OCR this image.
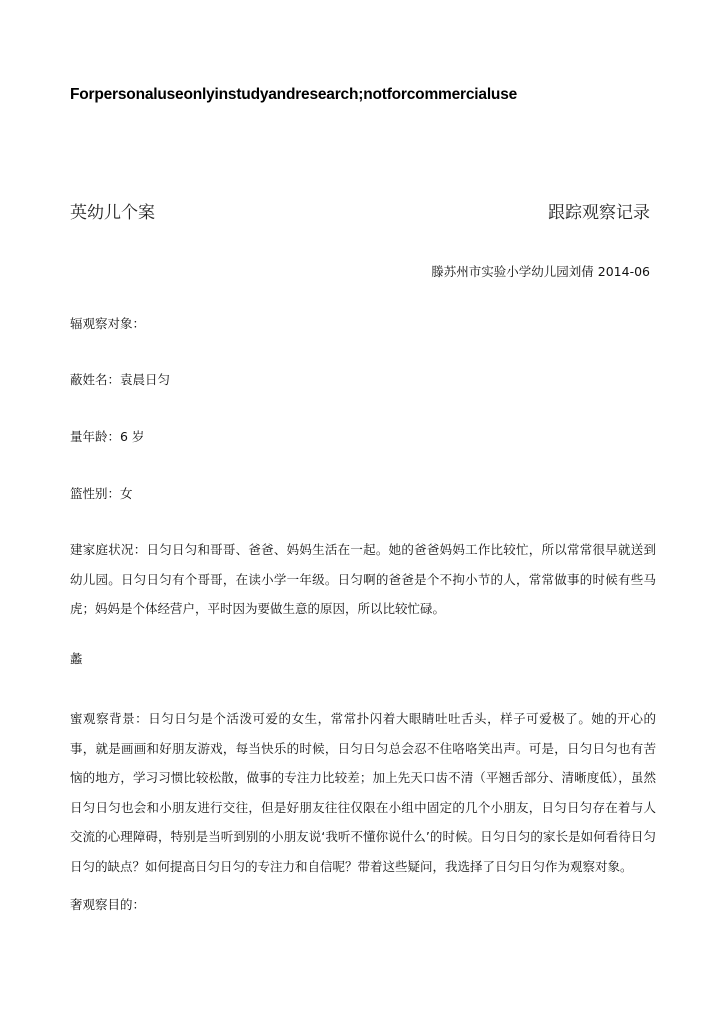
Forpersonaluseonlyinstudyandresearch;notforcommercialuse
英幼儿个案	跟踪观察记录
滕苏州市实验小学幼儿园刘倩 2014-06
辐观察对象：
蔽姓名：袁晨日匀
量年龄：6 岁
篮性别：女
建家庭状况：日匀日匀和哥哥、爸爸、妈妈生活在一起。她的爸爸妈妈工作比较忙，所以常常很早就送到幼儿园。日匀日匀有个哥哥，在读小学一年级。日匀啊的爸爸是个不拘小节的人，常常做事的时候有些马虎；妈妈是个体经营户，平时因为要做生意的原因，所以比较忙碌。
蠡
蜜观察背景：日匀日匀是个活泼可爱的女生，常常扑闪着大眼睛吐吐舌头，样子可爱极了。她的开心的事，就是画画和好朋友游戏，每当快乐的时候，日匀日匀总会忍不住咯咯笑出声。可是，日匀日匀也有苦恼的地方，学习习惯比较松散，做事的专注力比较差；加上先天口齿不清（平翘舌部分、清晰度低），虽然日匀日匀也会和小朋友进行交往，但是好朋友往往仅限在小组中固定的几个小朋友，日匀日匀存在着与人交流的心理障碍，特别是当听到别的小朋友说‘我听不懂你说什么’的时候。日匀日匀的家长是如何看待日匀日匀的缺点？如何提高日匀日匀的专注力和自信呢？带着这些疑问，我选择了日匀日匀作为观察对象。
奢观察目的：
